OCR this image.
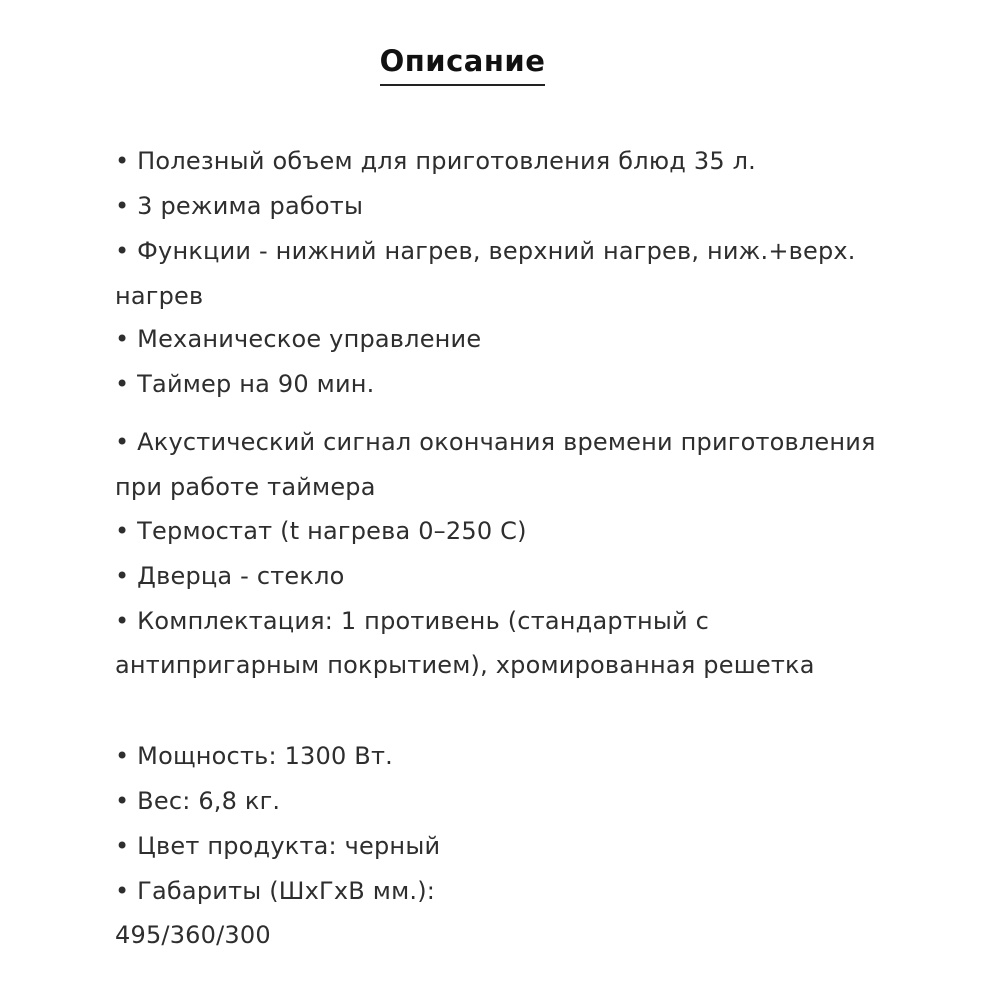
Описание
• Полезный объем для приготовления блюд 35 л.
• 3 режима работы
• Функции - нижний нагрев, верхний нагрев, ниж.+верх.
нагрев
• Механическое управление
• Таймер на 90 мин.
• Акустический сигнал окончания времени приготовления
при работе таймера
• Термостат (t нагрева 0–250 С)
• Дверца - стекло
• Комплектация: 1 противень (стандартный с
антипригарным покрытием), хромированная решетка
• Мощность: 1300 Вт.
• Вес: 6,8 кг.
• Цвет продукта: черный
• Габариты (ШхГхВ мм.):
495/360/300
